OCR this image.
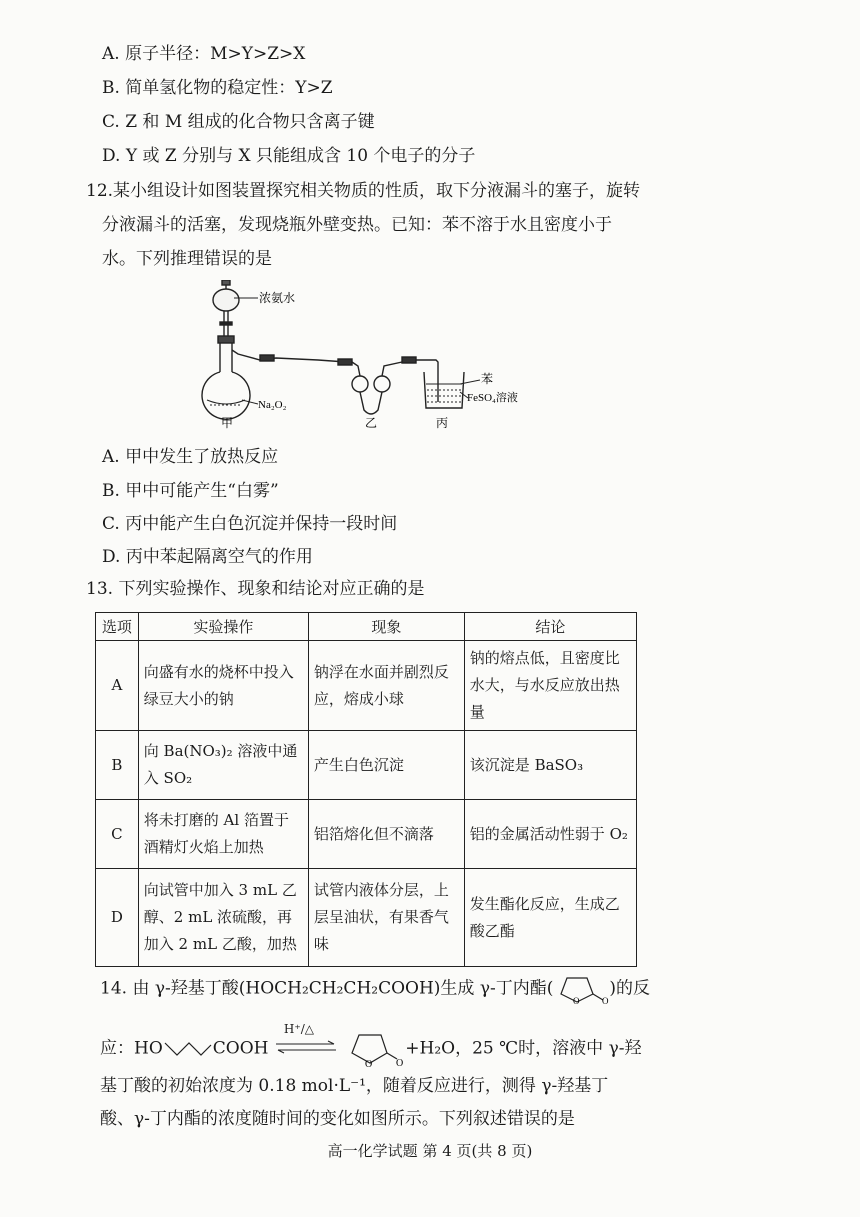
A. 原子半径：M>Y>Z>X
B. 简单氢化物的稳定性：Y>Z
C. Z 和 M 组成的化合物只含离子键
D. Y 或 Z 分别与 X 只能组成含 10 个电子的分子
12.某小组设计如图装置探究相关物质的性质，取下分液漏斗的塞子，旋转
分液漏斗的活塞，发现烧瓶外壁变热。已知：苯不溶于水且密度小于
水。下列推理错误的是
浓氨水
Na₂O₂
甲	乙	丙
苯
FeSO₄溶液
A. 甲中发生了放热反应
B. 甲中可能产生“白雾”
C. 丙中能产生白色沉淀并保持一段时间
D. 丙中苯起隔离空气的作用
13. 下列实验操作、现象和结论对应正确的是
选项	实验操作	现象	结论
A	向盛有水的烧杯中投入绿豆大小的钠	钠浮在水面并剧烈反应，熔成小球	钠的熔点低，且密度比水大，与水反应放出热量
B	向 Ba(NO₃)₂ 溶液中通入 SO₂	产生白色沉淀	该沉淀是 BaSO₃
C	将未打磨的 Al 箔置于酒精灯火焰上加热	铝箔熔化但不滴落	铝的金属活动性弱于 O₂
D	向试管中加入 3 mL 乙醇、2 mL 浓硫酸，再加入 2 mL 乙酸，加热	试管内液体分层，上层呈油状，有果香气味	发生酯化反应，生成乙酸乙酯
14. 由 γ-羟基丁酸(HOCH₂CH₂CH₂COOH)生成 γ-丁内酯(
O	O
)的反
应：HO	COOH
H⁺/△

O O
+H₂O，25 ℃时，溶液中 γ-羟
基丁酸的初始浓度为 0.18 mol·L⁻¹，随着反应进行，测得 γ-羟基丁
酸、γ-丁内酯的浓度随时间的变化如图所示。下列叙述错误的是
高一化学试题 第 4 页(共 8 页)
